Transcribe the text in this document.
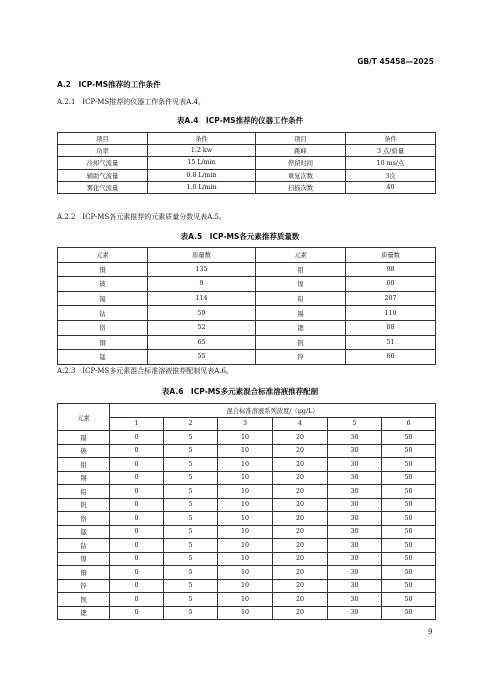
GB/T 45458—2025
A.2　ICP-MS推荐的工作条件
A.2.1　ICP-MS推荐的仪器工作条件见表A.4。
表A.4　ICP-MS推荐的仪器工作条件
项目	条件	项目	条件
功率	1.2 kw	跳峰	3 点/质量
冷却气流量	15 L/min	停留时间	10 ms/点
辅助气流量	0.8 L/min	重复次数	3次
雾化气流量	1.0 L/min	扫描次数	40
A.2.2　ICP-MS各元素推荐的元素质量分数见表A.5。
表A.5　ICP-MS各元素推荐质量数
元素	质量数	元素	质量数
铜	135	钼	98
铍	9	镍	60
镉	114	铅	207
钴	59	锡	119
铬	52	锶	88
铜	65	钒	51
锰	55	锌	66
A.2.3　ICP-MS多元素混合标准溶液推荐配制见表A.6。
表A.6　ICP-MS多元素混合标准溶液推荐配制
元素	混合标准溶液系列浓度/（μg/L）					
	1	2	3	4	5	6
镉	0	5	10	20	30	50
铍	0	5	10	20	30	50
钼	0	5	10	20	30	50
锡	0	5	10	20	30	50
铅	0	5	10	20	30	50
钒	0	5	10	20	30	50
铬	0	5	10	20	30	50
锰	0	5	10	20	30	50
钴	0	5	10	20	30	50
镍	0	5	10	20	30	50
铜	0	5	10	20	30	50
锌	0	5	10	20	30	50
钡	0	5	10	20	30	50
锶	0	5	10	20	30	50
9
